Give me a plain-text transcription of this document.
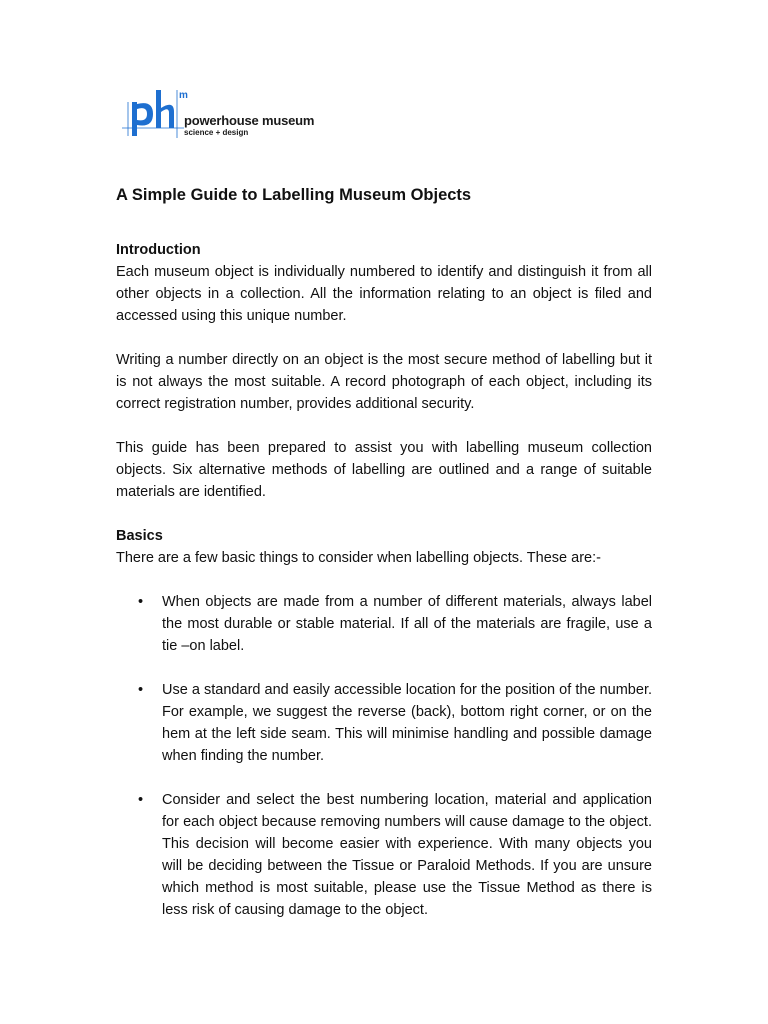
m
powerhouse museum
science + design
A Simple Guide to Labelling Museum Objects
Introduction

Each museum object is individually numbered to identify and distinguish it from all other objects in a collection. All the information relating to an object is filed and accessed using this unique number.

Writing a number directly on an object is the most secure method of labelling but it is not always the most suitable. A record photograph of each object, including its correct registration number, provides additional security.

This guide has been prepared to assist you with labelling museum collection objects. Six alternative methods of labelling are outlined and a range of suitable materials are identified.

Basics

There are a few basic things to consider when labelling objects. These are:-

• When objects are made from a number of different materials, always label the most durable or stable material. If all of the materials are fragile, use a tie –on label.
• Use a standard and easily accessible location for the position of the number. For example, we suggest the reverse (back), bottom right corner, or on the hem at the left side seam. This will minimise handling and possible damage when finding the number.
• Consider and select the best numbering location, material and application for each object because removing numbers will cause damage to the object. This decision will become easier with experience. With many objects you will be deciding between the Tissue or Paraloid Methods. If you are unsure which method is most suitable, please use the Tissue Method as there is less risk of causing damage to the object.
